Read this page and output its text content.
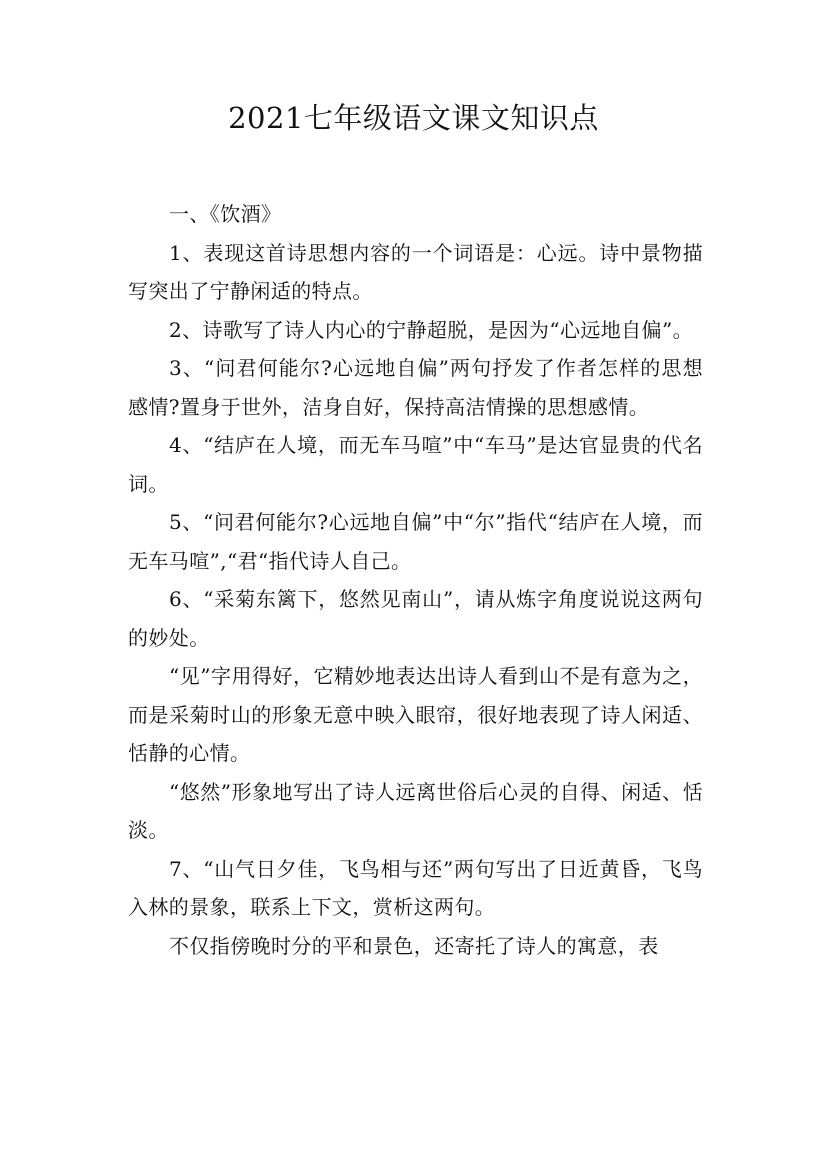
2021七年级语文课文知识点

一、《饮酒》

1、表现这首诗思想内容的一个词语是：心远。诗中景物描写突出了宁静闲适的特点。

2、诗歌写了诗人内心的宁静超脱，是因为“心远地自偏”。

3、“问君何能尔?心远地自偏”两句抒发了作者怎样的思想感情?置身于世外，洁身自好，保持高洁情操的思想感情。

4、“结庐在人境，而无车马喧”中“车马”是达官显贵的代名词。

5、“问君何能尔?心远地自偏”中“尔”指代“结庐在人境，而无车马喧”,“君“指代诗人自己。

6、“采菊东篱下，悠然见南山”，请从炼字角度说说这两句的妙处。

“见”字用得好，它精妙地表达出诗人看到山不是有意为之，而是采菊时山的形象无意中映入眼帘，很好地表现了诗人闲适、恬静的心情。

“悠然”形象地写出了诗人远离世俗后心灵的自得、闲适、恬淡。

7、“山气日夕佳，飞鸟相与还”两句写出了日近黄昏，飞鸟入林的景象，联系上下文，赏析这两句。

不仅指傍晚时分的平和景色，还寄托了诗人的寓意，表
